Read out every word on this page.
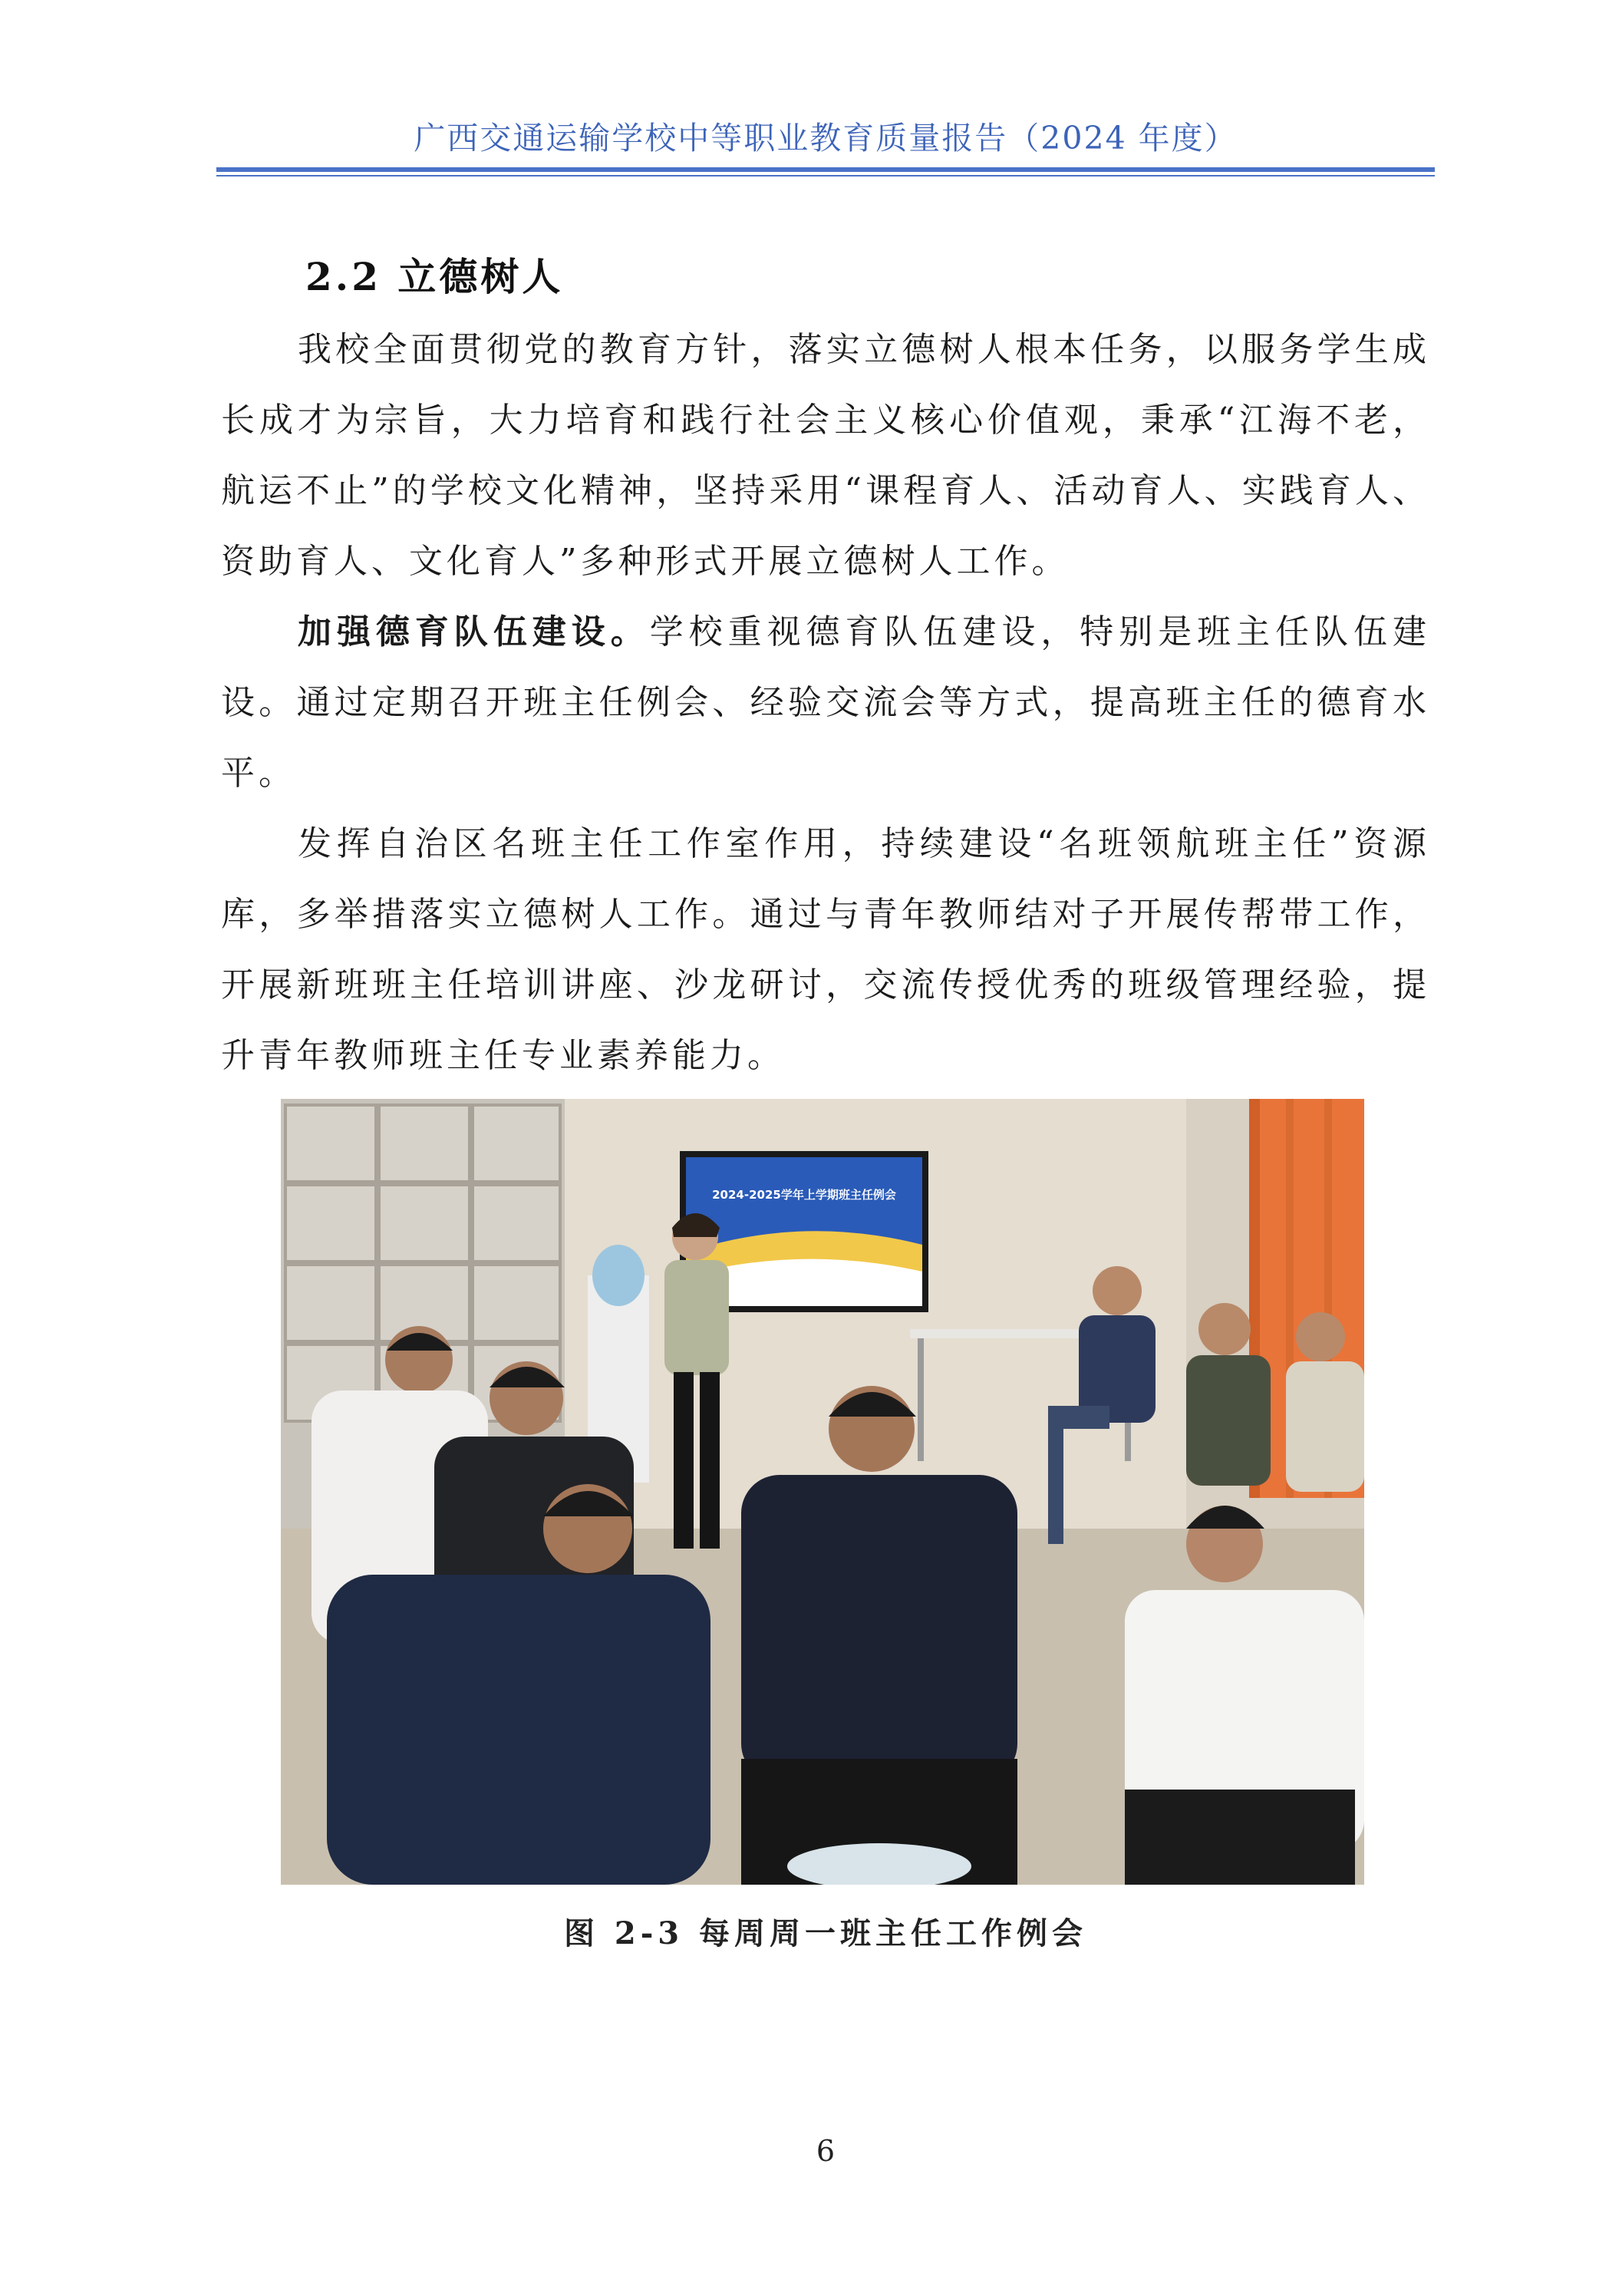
广西交通运输学校中等职业教育质量报告（2024 年度）
2.2 立德树人

我校全面贯彻党的教育方针，落实立德树人根本任务，以服务学生成长成才为宗旨，大力培育和践行社会主义核心价值观，秉承“江海不老，航运不止”的学校文化精神，坚持采用“课程育人、活动育人、实践育人、资助育人、文化育人”多种形式开展立德树人工作。

加强德育队伍建设。学校重视德育队伍建设，特别是班主任队伍建设。通过定期召开班主任例会、经验交流会等方式，提高班主任的德育水平。

发挥自治区名班主任工作室作用，持续建设“名班领航班主任”资源库，多举措落实立德树人工作。通过与青年教师结对子开展传帮带工作，开展新班班主任培训讲座、沙龙研讨，交流传授优秀的班级管理经验，提升青年教师班主任专业素养能力。

2024-2025学年上学期班主任例会
图 2-3 每周周一班主任工作例会
6
